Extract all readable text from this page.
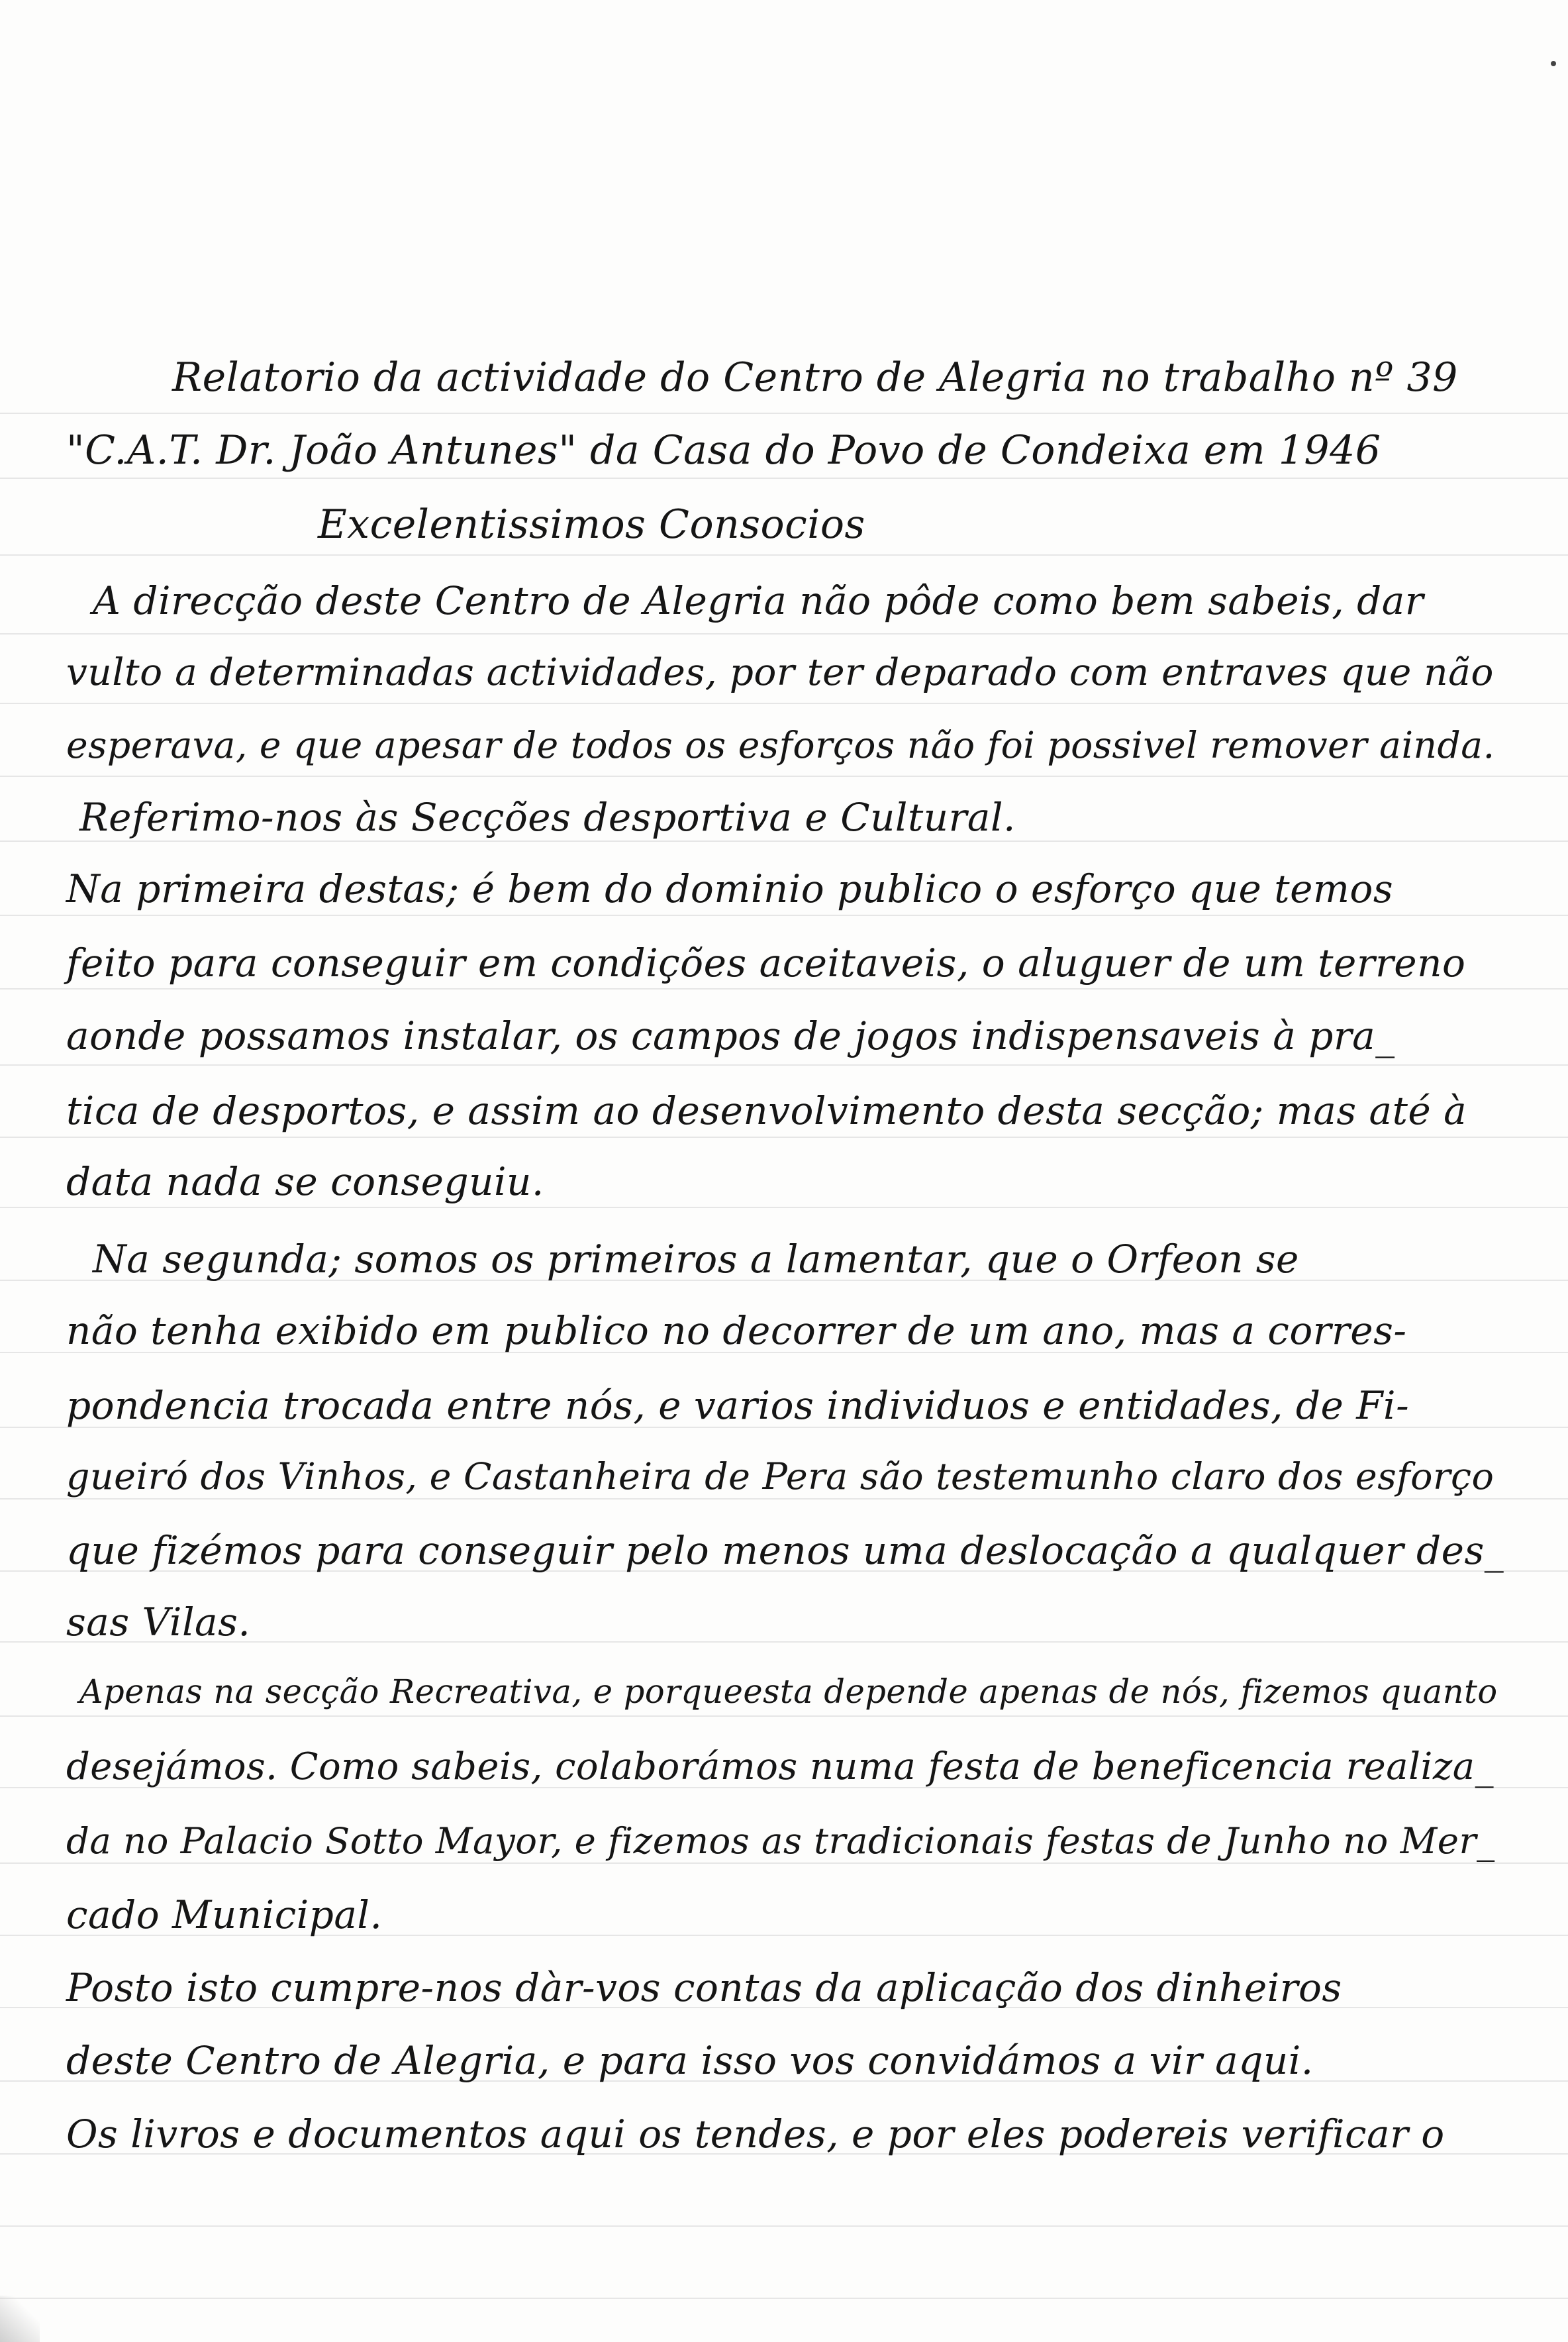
Relatorio da actividade do Centro de Alegria no trabalho nº 39
"C.A.T. Dr. João Antunes" da Casa do Povo de Condeixa em 1946
Excelentissimos Consocios
A direcção deste Centro de Alegria não pôde como bem sabeis, dar
vulto a determinadas actividades, por ter deparado com entraves que não
esperava, e que apesar de todos os esforços não foi possivel remover ainda.
Referimo-nos às Secções desportiva e Cultural.
Na primeira destas; é bem do dominio publico o esforço que temos
feito para conseguir em condições aceitaveis, o aluguer de um terreno
aonde possamos instalar, os campos de jogos indispensaveis à pra_
tica de desportos, e assim ao desenvolvimento desta secção; mas até à
data nada se conseguiu.
Na segunda; somos os primeiros a lamentar, que o Orfeon se
não tenha exibido em publico no decorrer de um ano, mas a corres-
pondencia trocada entre nós, e varios individuos e entidades, de Fi-
gueiró dos Vinhos, e Castanheira de Pera são testemunho claro dos esforço
que fizémos para conseguir pelo menos uma deslocação a qualquer des_
sas Vilas.
Apenas na secção Recreativa, e porqueesta depende apenas de nós, fizemos quanto
desejámos. Como sabeis, colaborámos numa festa de beneficencia realiza_
da no Palacio Sotto Mayor, e fizemos as tradicionais festas de Junho no Mer_
cado Municipal.
Posto isto cumpre-nos dàr-vos contas da aplicação dos dinheiros
deste Centro de Alegria, e para isso vos convidámos a vir aqui.
Os livros e documentos aqui os tendes, e por eles podereis verificar o
